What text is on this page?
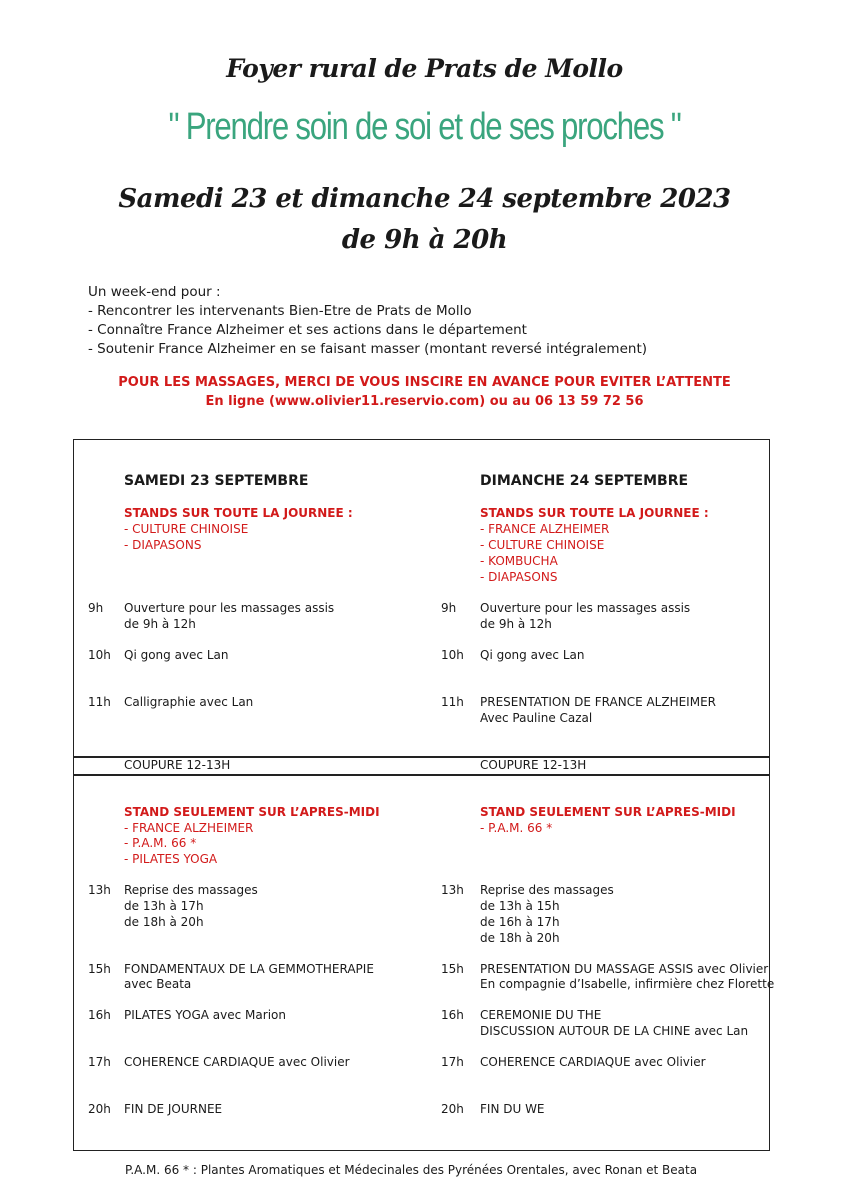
Foyer rural de Prats de Mollo
" Prendre soin de soi et de ses proches "
Samedi 23 et dimanche 24 septembre 2023
de 9h à 20h
Un week-end pour :
- Rencontrer les intervenants Bien-Etre de Prats de Mollo
- Connaître France Alzheimer et ses actions dans le département
- Soutenir France Alzheimer en se faisant masser (montant reversé intégralement)
POUR LES MASSAGES, MERCI DE VOUS INSCIRE EN AVANCE POUR EVITER L’ATTENTE
En ligne (www.olivier11.reservio.com) ou au 06 13 59 72 56
SAMEDI 23 SEPTEMBRE
STANDS SUR TOUTE LA JOURNEE :
- CULTURE CHINOISE
- DIAPASONS
9h Ouverture pour les massages assis
de 9h à 12h
10h Qi gong avec Lan
11h Calligraphie avec Lan
COUPURE 12-13H
STAND SEULEMENT SUR L’APRES-MIDI
- FRANCE ALZHEIMER
- P.A.M. 66 *
- PILATES YOGA
13h Reprise des massages
de 13h à 17h
de 18h à 20h
15h FONDAMENTAUX DE LA GEMMOTHERAPIE
avec Beata
16h PILATES YOGA avec Marion
17h COHERENCE CARDIAQUE avec Olivier
20h FIN DE JOURNEE
DIMANCHE 24 SEPTEMBRE
STANDS SUR TOUTE LA JOURNEE :
- FRANCE ALZHEIMER
- CULTURE CHINOISE
- KOMBUCHA
- DIAPASONS
9h Ouverture pour les massages assis
de 9h à 12h
10h Qi gong avec Lan
11h PRESENTATION DE FRANCE ALZHEIMER
Avec Pauline Cazal
COUPURE 12-13H
STAND SEULEMENT SUR L’APRES-MIDI
- P.A.M. 66 *
13h Reprise des massages
de 13h à 15h
de 16h à 17h
de 18h à 20h
15h PRESENTATION DU MASSAGE ASSIS avec Olivier
En compagnie d’Isabelle, infirmière chez Florette
16h CEREMONIE DU THE
DISCUSSION AUTOUR DE LA CHINE avec Lan
17h COHERENCE CARDIAQUE avec Olivier
20h FIN DU WE
P.A.M. 66 * : Plantes Aromatiques et Médecinales des Pyrénées Orentales, avec Ronan et Beata
